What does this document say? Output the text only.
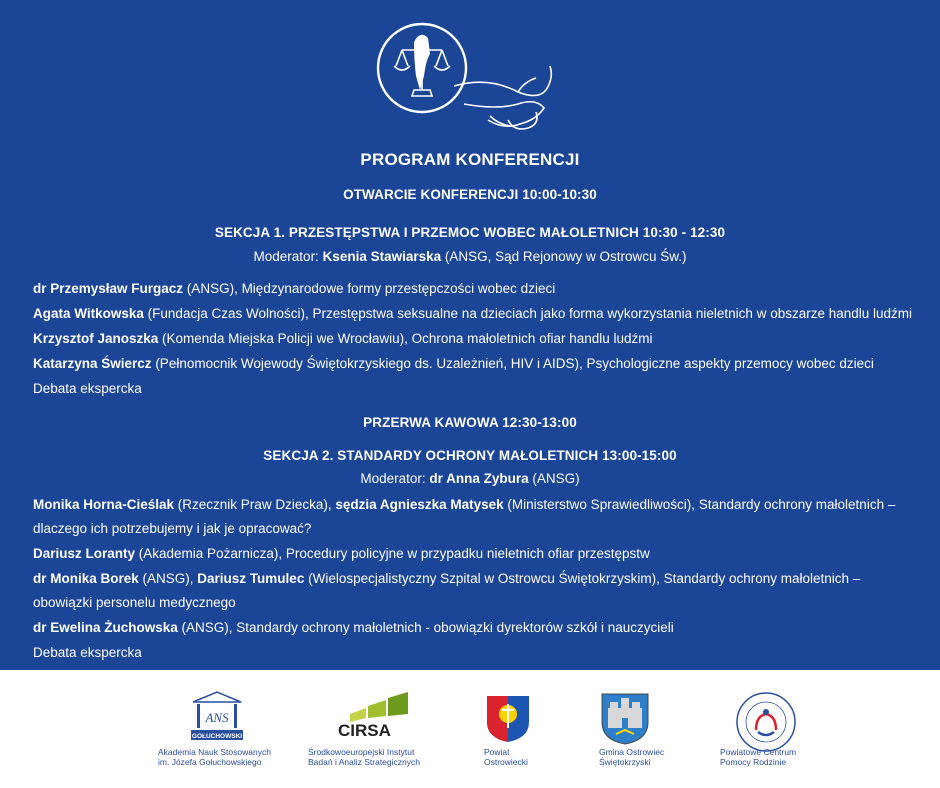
PROGRAM KONFERENCJI
OTWARCIE KONFERENCJI 10:00-10:30
SEKCJA 1. PRZESTĘPSTWA I PRZEMOC WOBEC MAŁOLETNICH 10:30 - 12:30
Moderator: Ksenia Stawiarska (ANSG, Sąd Rejonowy w Ostrowcu Św.)
dr Przemysław Furgacz (ANSG), Międzynarodowe formy przestępczości wobec dzieci
Agata Witkowska (Fundacja Czas Wolności), Przestępstwa seksualne na dzieciach jako forma wykorzystania nieletnich w obszarze handlu ludźmi
Krzysztof Janoszka (Komenda Miejska Policji we Wrocławiu), Ochrona małoletnich ofiar handlu ludźmi
Katarzyna Świercz (Pełnomocnik Wojewody Świętokrzyskiego ds. Uzależnień, HIV i AIDS), Psychologiczne aspekty przemocy wobec dzieci
Debata ekspercka
PRZERWA KAWOWA 12:30-13:00
SEKCJA 2. STANDARDY OCHRONY MAŁOLETNICH 13:00-15:00
Moderator: dr Anna Zybura (ANSG)
Monika Horna-Cieślak (Rzecznik Praw Dziecka), sędzia Agnieszka Matysek (Ministerstwo Sprawiedliwości), Standardy ochrony małoletnich –
dlaczego ich potrzebujemy i jak je opracować?
Dariusz Loranty (Akademia Pożarnicza), Procedury policyjne w przypadku nieletnich ofiar przestępstw
dr Monika Borek (ANSG), Dariusz Tumulec (Wielospecjalistyczny Szpital w Ostrowcu Świętokrzyskim), Standardy ochrony małoletnich –
obowiązki personelu medycznego
dr Ewelina Żuchowska (ANSG), Standardy ochrony małoletnich - obowiązki dyrektorów szkół i nauczycieli
Debata ekspercka
ANS
GOŁUCHOWSKI
Akademia Nauk Stosowanych
im. Józefa Gołuchowskiego
CIRSA
Środkowoeuropejski Instytut
Badań i Analiz Strategicznych
Powiat
Ostrowiecki
Gmina Ostrowiec
Świętokrzyski
Powiatowe Centrum
Pomocy Rodzinie
